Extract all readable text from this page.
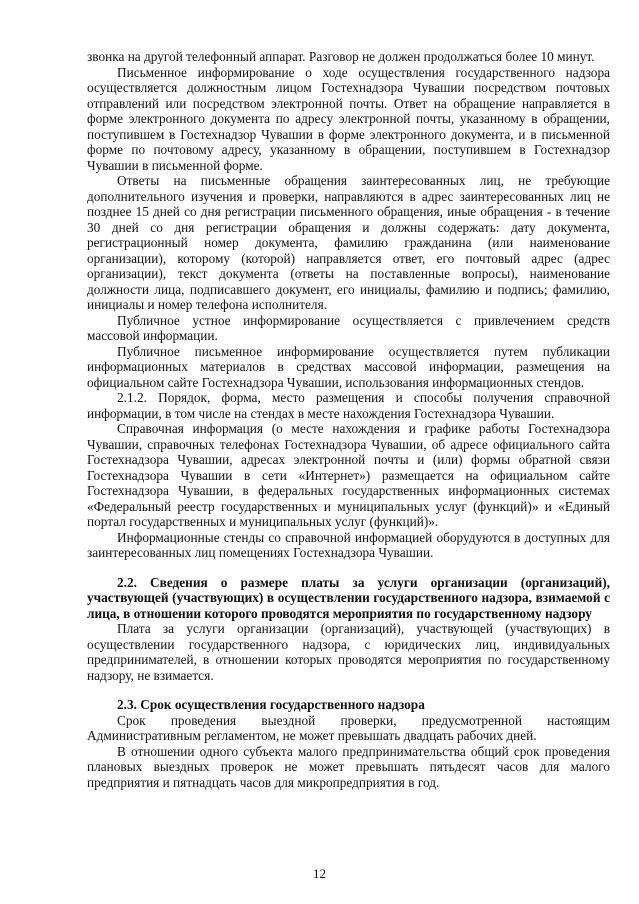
звонка на другой телефонный аппарат. Разговор не должен продолжаться более 10 минут.

Письменное информирование о ходе осуществления государственного надзора осуществляется должностным лицом Гостехнадзора Чувашии посредством почтовых отправлений или посредством электронной почты. Ответ на обращение направляется в форме электронного документа по адресу электронной почты, указанному в обращении, поступившем в Гостехнадзор Чувашии в форме электронного документа, и в письменной форме по почтовому адресу, указанному в обращении, поступившем в Гостехнадзор Чувашии в письменной форме.

Ответы на письменные обращения заинтересованных лиц, не требующие дополнительного изучения и проверки, направляются в адрес заинтересованных лиц не позднее 15 дней со дня регистрации письменного обращения, иные обращения - в течение 30 дней со дня регистрации обращения и должны содержать: дату документа, регистрационный номер документа, фамилию гражданина (или наименование организации), которому (которой) направляется ответ, его почтовый адрес (адрес организации), текст документа (ответы на поставленные вопросы), наименование должности лица, подписавшего документ, его инициалы, фамилию и подпись; фамилию, инициалы и номер телефона исполнителя.

Публичное устное информирование осуществляется с привлечением средств массовой информации.

Публичное письменное информирование осуществляется путем публикации информационных материалов в средствах массовой информации, размещения на официальном сайте Гостехнадзора Чувашии, использования информационных стендов.

2.1.2. Порядок, форма, место размещения и способы получения справочной информации, в том числе на стендах в месте нахождения Гостехнадзора Чувашии.

Справочная информация (о месте нахождения и графике работы Гостехнадзора Чувашии, справочных телефонах Гостехнадзора Чувашии, об адресе официального сайта Гостехнадзора Чувашии, адресах электронной почты и (или) формы обратной связи Гостехнадзора Чувашии в сети «Интернет») размещается на официальном сайте Гостехнадзора Чувашии, в федеральных государственных информационных системах «Федеральный реестр государственных и муниципальных услуг (функций)» и «Единый портал государственных и муниципальных услуг (функций)».

Информационные стенды со справочной информацией оборудуются в доступных для заинтересованных лиц помещениях Гостехнадзора Чувашии.

2.2. Сведения о размере платы за услуги организации (организаций), участвующей (участвующих) в осуществлении государственного надзора, взимаемой с лица, в отношении которого проводятся мероприятия по государственному надзору

Плата за услуги организации (организаций), участвующей (участвующих) в осуществлении государственного надзора, с юридических лиц, индивидуальных предпринимателей, в отношении которых проводятся мероприятия по государственному надзору, не взимается.

2.3. Срок осуществления государственного надзора

Срок проведения выездной проверки, предусмотренной настоящим Административным регламентом, не может превышать двадцать рабочих дней.

В отношении одного субъекта малого предпринимательства общий срок проведения плановых выездных проверок не может превышать пятьдесят часов для малого предприятия и пятнадцать часов для микропредприятия в год.

12
